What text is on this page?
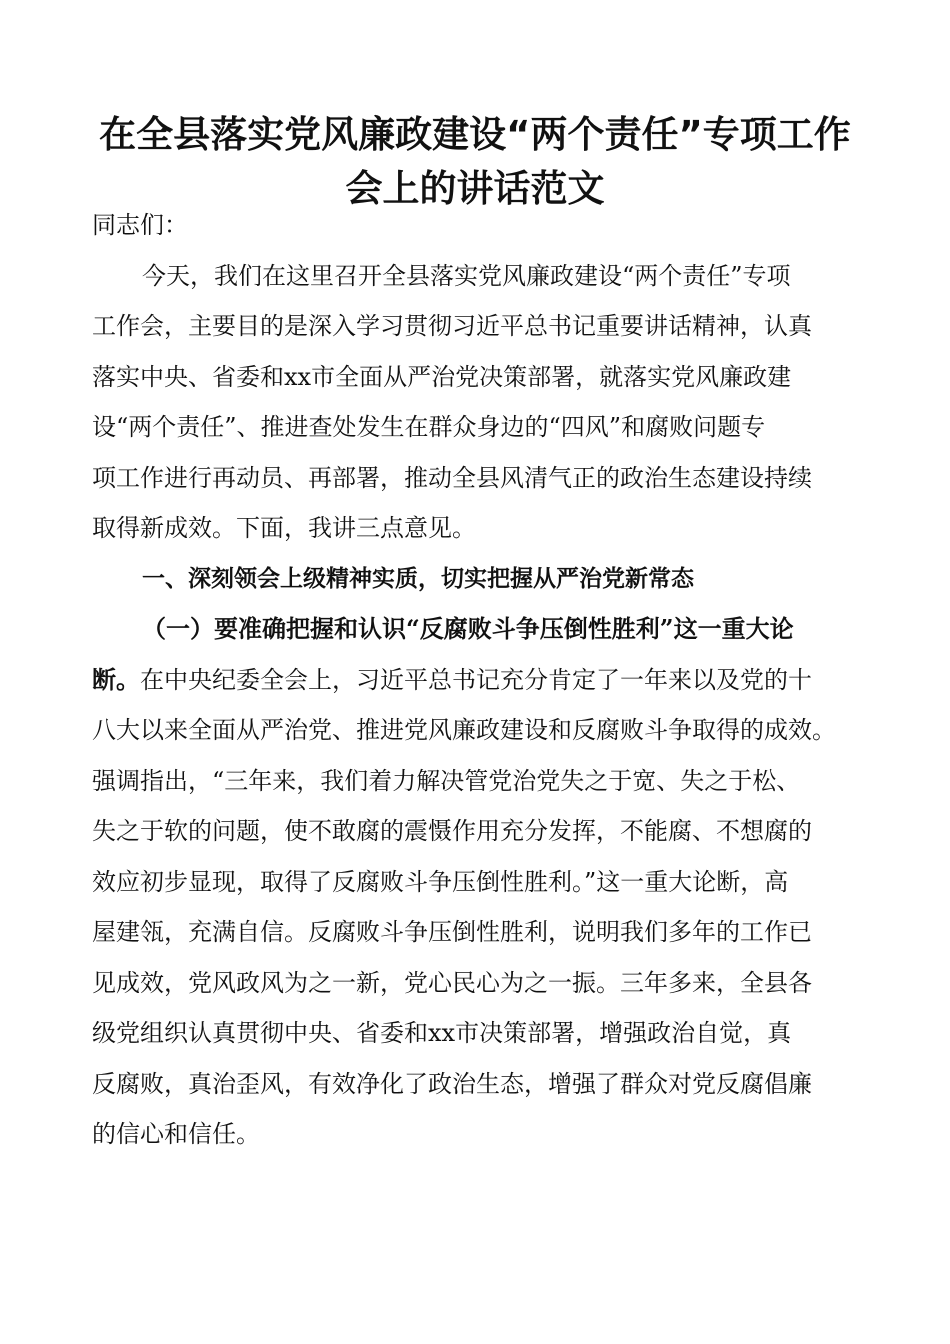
在全县落实党风廉政建设“两个责任”专项工作
会上的讲话范文
同志们：
今天，我们在这里召开全县落实党风廉政建设“两个责任”专项
工作会，主要目的是深入学习贯彻习近平总书记重要讲话精神，认真
落实中央、省委和xx市全面从严治党决策部署，就落实党风廉政建
设“两个责任”、推进查处发生在群众身边的“四风”和腐败问题专
项工作进行再动员、再部署，推动全县风清气正的政治生态建设持续
取得新成效。下面，我讲三点意见。
一、深刻领会上级精神实质，切实把握从严治党新常态
（一）要准确把握和认识“反腐败斗争压倒性胜利”这一重大论
断。在中央纪委全会上，习近平总书记充分肯定了一年来以及党的十
八大以来全面从严治党、推进党风廉政建设和反腐败斗争取得的成效。
强调指出，“三年来，我们着力解决管党治党失之于宽、失之于松、
失之于软的问题，使不敢腐的震慑作用充分发挥，不能腐、不想腐的
效应初步显现，取得了反腐败斗争压倒性胜利。”这一重大论断，高
屋建瓴，充满自信。反腐败斗争压倒性胜利，说明我们多年的工作已
见成效，党风政风为之一新，党心民心为之一振。三年多来，全县各
级党组织认真贯彻中央、省委和xx市决策部署，增强政治自觉，真
反腐败，真治歪风，有效净化了政治生态，增强了群众对党反腐倡廉
的信心和信任。
